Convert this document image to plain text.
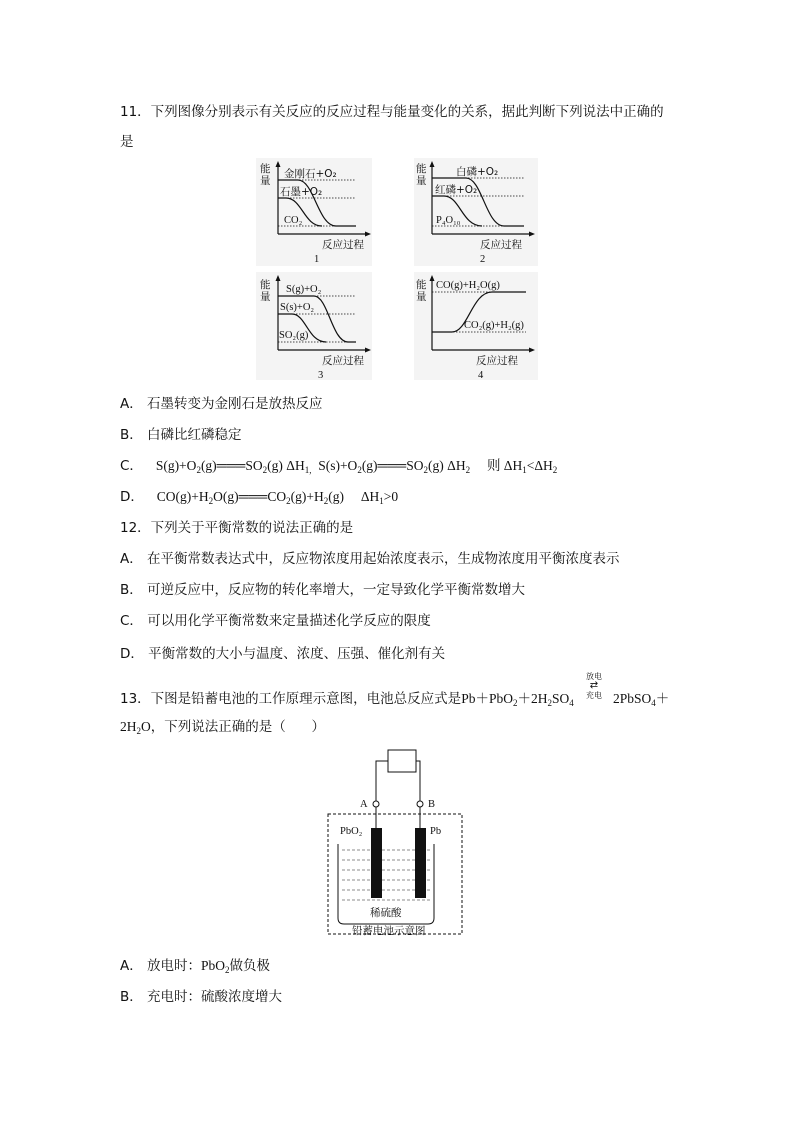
11．下列图像分别表示有关反应的反应过程与能量变化的关系，据此判断下列说法中正确的
是
能
量
金刚石+O₂
石墨+O₂
CO₂
反应过程
1
能
量
白磷+O₂
红磷+O₂
P₄O₁₀
反应过程
2
能
量
S(g)+O₂
S(s)+O₂
SO₂(g)
反应过程
3
能
量
CO(g)+H₂O(g)
CO₂(g)+H₂(g)
反应过程
4
A． 石墨转变为金刚石是放热反应
B． 白磷比红磷稳定
C． $S(g)+O_2(g)═══SO_2(g)$ $\Delta H_{1,}$  $S(s)+O_2(g)═══SO_2(g)$ $\Delta H_2$     则 $\Delta H_1<\Delta H_2$
D． $CO(g)+H_2O(g)═══CO_2(g)+H_2(g)$     $\Delta H_1>0$
12．下列关于平衡常数的说法正确的是
A． 在平衡常数表达式中，反应物浓度用起始浓度表示，生成物浓度用平衡浓度表示
B． 可逆反应中，反应物的转化率增大，一定导致化学平衡常数增大
C． 可以用化学平衡常数来定量描述化学反应的限度
D． 平衡常数的大小与温度、浓度、压强、催化剂有关
13．下图是铅蓄电池的工作原理示意图，电池总反应式是$Pb+PbO_2+2H_2SO_4$
放电
⇄
充电 2PbSO$_4$＋
$2H_2O$，下列说法正确的是（      ）
A	B
PbO₂	Pb
稀硫酸
铅蓄电池示意图
A． 放电时：PbO$_2$做负极
B． 充电时：硫酸浓度增大
